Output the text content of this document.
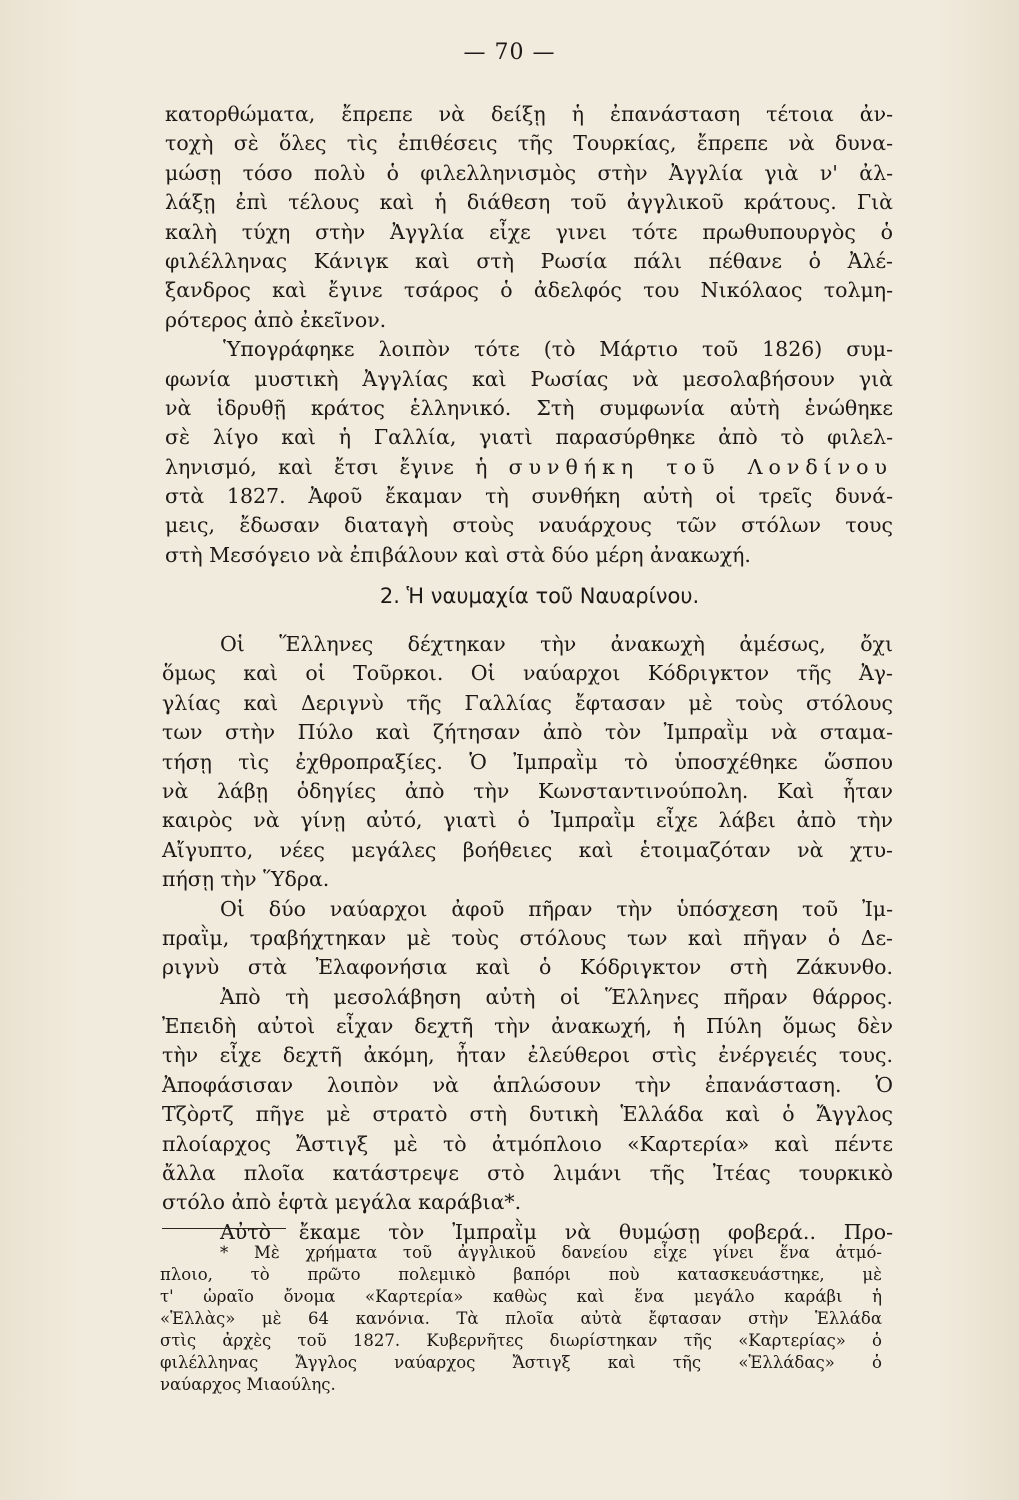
— 70 —

κατορθώματα, ἔπρεπε νὰ δείξῃ ἡ ἐπανάσταση τέτοια ἀν-
τοχὴ σὲ ὅλες τὶς ἐπιθέσεις τῆς Τουρκίας, ἔπρεπε νὰ δυνα-
μώσῃ τόσο πολὺ ὁ φιλελληνισμὸς στὴν Ἀγγλία γιὰ ν' ἀλ-
λάξῃ ἐπὶ τέλους καὶ ἡ διάθεση τοῦ ἀγγλικοῦ κράτους. Γιὰ
καλὴ τύχη στὴν Ἀγγλία εἶχε γινει τότε πρωθυπουργὸς ὁ
φιλέλληνας Κάνιγκ καὶ στὴ Ρωσία πάλι πέθανε ὁ Ἀλέ-
ξανδρος καὶ ἔγινε τσάρος ὁ ἀδελφός του Νικόλαος τολμη-
ρότερος ἀπὸ ἐκεῖνον.

Ὑπογράφηκε λοιπὸν τότε (τὸ Μάρτιο τοῦ 1826) συμ-
φωνία μυστικὴ Ἀγγλίας καὶ Ρωσίας νὰ μεσολαβήσουν γιὰ
νὰ ἱδρυθῇ κράτος ἑλληνικό. Στὴ συμφωνία αὐτὴ ἑνώθηκε
σὲ λίγο καὶ ἡ Γαλλία, γιατὶ παρασύρθηκε ἀπὸ τὸ φιλελ-
ληνισμό, καὶ ἔτσι ἔγινε ἡ συνθήκη τοῦ Λονδίνου
στὰ 1827. Ἀφοῦ ἔκαμαν τὴ συνθήκη αὐτὴ οἱ τρεῖς δυνά-
μεις, ἔδωσαν διαταγὴ στοὺς ναυάρχους τῶν στόλων τους
στὴ Μεσόγειο νὰ ἐπιβάλουν καὶ στὰ δύο μέρη ἀνακωχή.

2. Ἡ ναυμαχία τοῦ Ναυαρίνου.

Οἱ Ἕλληνες δέχτηκαν τὴν ἀνακωχὴ ἀμέσως, ὄχι
ὅμως καὶ οἱ Τοῦρκοι. Οἱ ναύαρχοι Κόδριγκτον τῆς Ἀγ-
γλίας καὶ Δεριγνὺ τῆς Γαλλίας ἔφτασαν μὲ τοὺς στόλους
των στὴν Πύλο καὶ ζήτησαν ἀπὸ τὸν Ἰμπραῒμ νὰ σταμα-
τήσῃ τὶς ἐχθροπραξίες. Ὁ Ἰμπραῒμ τὸ ὑποσχέθηκε ὥσπου
νὰ λάβῃ ὁδηγίες ἀπὸ τὴν Κωνσταντινούπολη. Καὶ ἦταν
καιρὸς νὰ γίνῃ αὐτό, γιατὶ ὁ Ἰμπραῒμ εἶχε λάβει ἀπὸ τὴν
Αἴγυπτο, νέες μεγάλες βοήθειες καὶ ἑτοιμαζόταν νὰ χτυ-
πήσῃ τὴν Ὕδρα.

Οἱ δύο ναύαρχοι ἀφοῦ πῆραν τὴν ὑπόσχεση τοῦ Ἰμ-
πραῒμ, τραβήχτηκαν μὲ τοὺς στόλους των καὶ πῆγαν ὁ Δε-
ριγνὺ στὰ Ἐλαφονήσια καὶ ὁ Κόδριγκτον στὴ Ζάκυνθο.

Ἀπὸ τὴ μεσολάβηση αὐτὴ οἱ Ἕλληνες πῆραν θάρρος.
Ἐπειδὴ αὐτοὶ εἶχαν δεχτῆ τὴν ἀνακωχή, ἡ Πύλη ὅμως δὲν
τὴν εἶχε δεχτῆ ἀκόμη, ἦταν ἐλεύθεροι στὶς ἐνέργειές τους.
Ἀποφάσισαν λοιπὸν νὰ ἁπλώσουν τὴν ἐπανάσταση. Ὁ
Τζὸρτζ πῆγε μὲ στρατὸ στὴ δυτικὴ Ἑλλάδα καὶ ὁ Ἄγγλος
πλοίαρχος Ἄστιγξ μὲ τὸ ἀτμόπλοιο «Καρτερία» καὶ πέντε
ἄλλα πλοῖα κατάστρεψε στὸ λιμάνι τῆς Ἰτέας τουρκικὸ
στόλο ἀπὸ ἑφτὰ μεγάλα καράβια*.

Αὐτὸ ἔκαμε τὸν Ἰμπραῒμ νὰ θυμώσῃ φοβερά.. Προ-

* Μὲ χρήματα τοῦ ἀγγλικοῦ δανείου εἶχε γίνει ἕνα ἀτμό-
πλοιο, τὸ πρῶτο πολεμικὸ βαπόρι ποὺ κατασκευάστηκε, μὲ
τ' ὡραῖο ὄνομα «Καρτερία» καθὼς καὶ ἕνα μεγάλο καράβι ἡ
«Ἑλλὰς» μὲ 64 κανόνια. Τὰ πλοῖα αὐτὰ ἔφτασαν στὴν Ἑλλάδα
στὶς ἀρχὲς τοῦ 1827. Κυβερνῆτες διωρίστηκαν τῆς «Καρτερίας» ὁ
φιλέλληνας Ἄγγλος ναύαρχος Ἄστιγξ καὶ τῆς «Ἑλλάδας» ὁ
ναύαρχος Μιαούλης.
